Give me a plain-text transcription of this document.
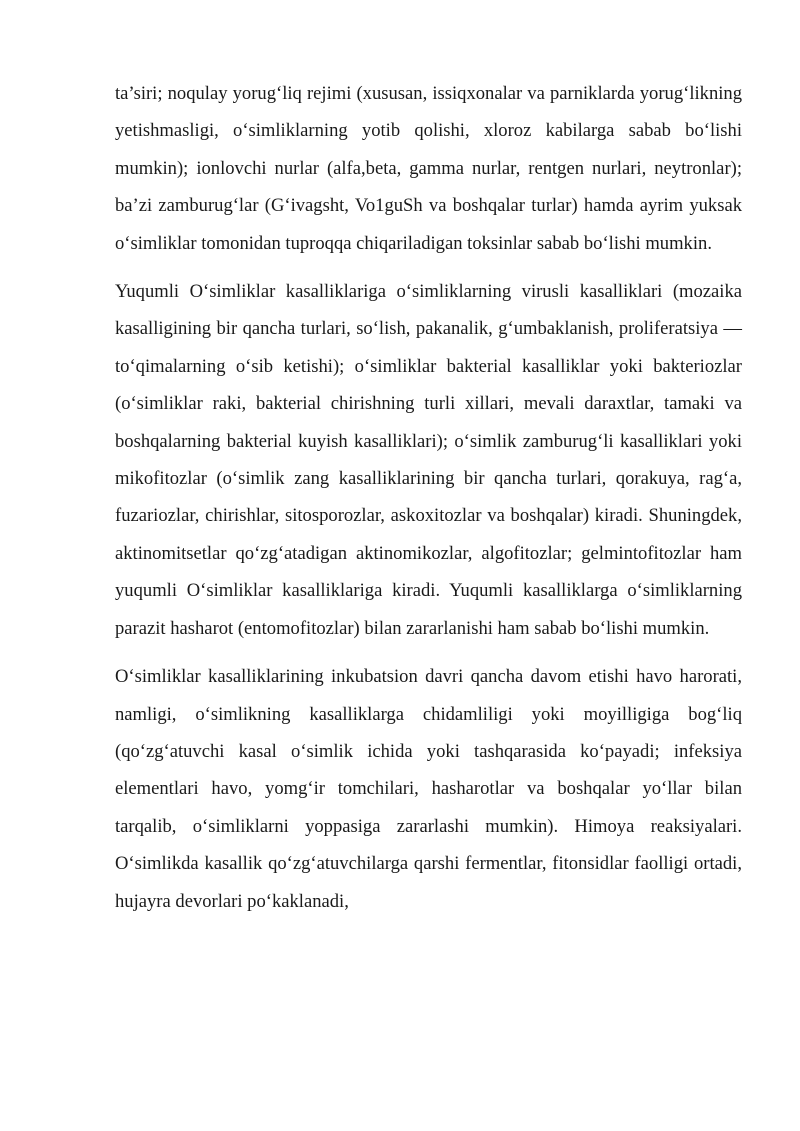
ta’siri; noqulay yorug‘liq rejimi (xususan, issiqxonalar va parniklarda yorug‘likning yetishmasligi, o‘simliklarning yotib qolishi, xloroz kabilarga sabab bo‘lishi mumkin); ionlovchi nurlar (alfa,beta, gamma nurlar, rentgen nurlari, neytronlar); ba’zi zamburug‘lar (G‘ivagsht, Vo1guSh va boshqalar turlar) hamda ayrim yuksak o‘simliklar tomonidan tuproqqa chiqariladigan toksinlar sabab bo‘lishi mumkin.

Yuqumli O‘simliklar kasalliklariga o‘simliklarning virusli kasalliklari (mozaika kasalligining bir qancha turlari, so‘lish, pakanalik, g‘umbaklanish, proliferatsiya — to‘qimalarning o‘sib ketishi); o‘simliklar bakterial kasalliklar yoki bakteriozlar (o‘simliklar raki, bakterial chirishning turli xillari, mevali daraxtlar, tamaki va boshqalarning bakterial kuyish kasalliklari); o‘simlik zamburug‘li kasalliklari yoki mikofitozlar (o‘simlik zang kasalliklarining bir qancha turlari, qorakuya, rag‘a, fuzariozlar, chirishlar, sitosporozlar, askoxitozlar va boshqalar) kiradi. Shuningdek, aktinomitsetlar qo‘zg‘atadigan aktinomikozlar, algofitozlar; gelmintofitozlar ham yuqumli O‘simliklar kasalliklariga kiradi. Yuqumli kasalliklarga o‘simliklarning parazit hasharot (entomofitozlar) bilan zararlanishi ham sabab bo‘lishi mumkin.

O‘simliklar kasalliklarining inkubatsion davri qancha davom etishi havo harorati, namligi, o‘simlikning kasalliklarga chidamliligi yoki moyilligiga bog‘liq (qo‘zg‘atuvchi kasal o‘simlik ichida yoki tashqarasida ko‘payadi; infeksiya elementlari havo, yomg‘ir tomchilari, hasharotlar va boshqalar yo‘llar bilan tarqalib, o‘simliklarni yoppasiga zararlashi mumkin). Himoya reaksiyalari. O‘simlikda kasallik qo‘zg‘atuvchilarga qarshi fermentlar, fitonsidlar faolligi ortadi, hujayra devorlari po‘kaklanadi,
